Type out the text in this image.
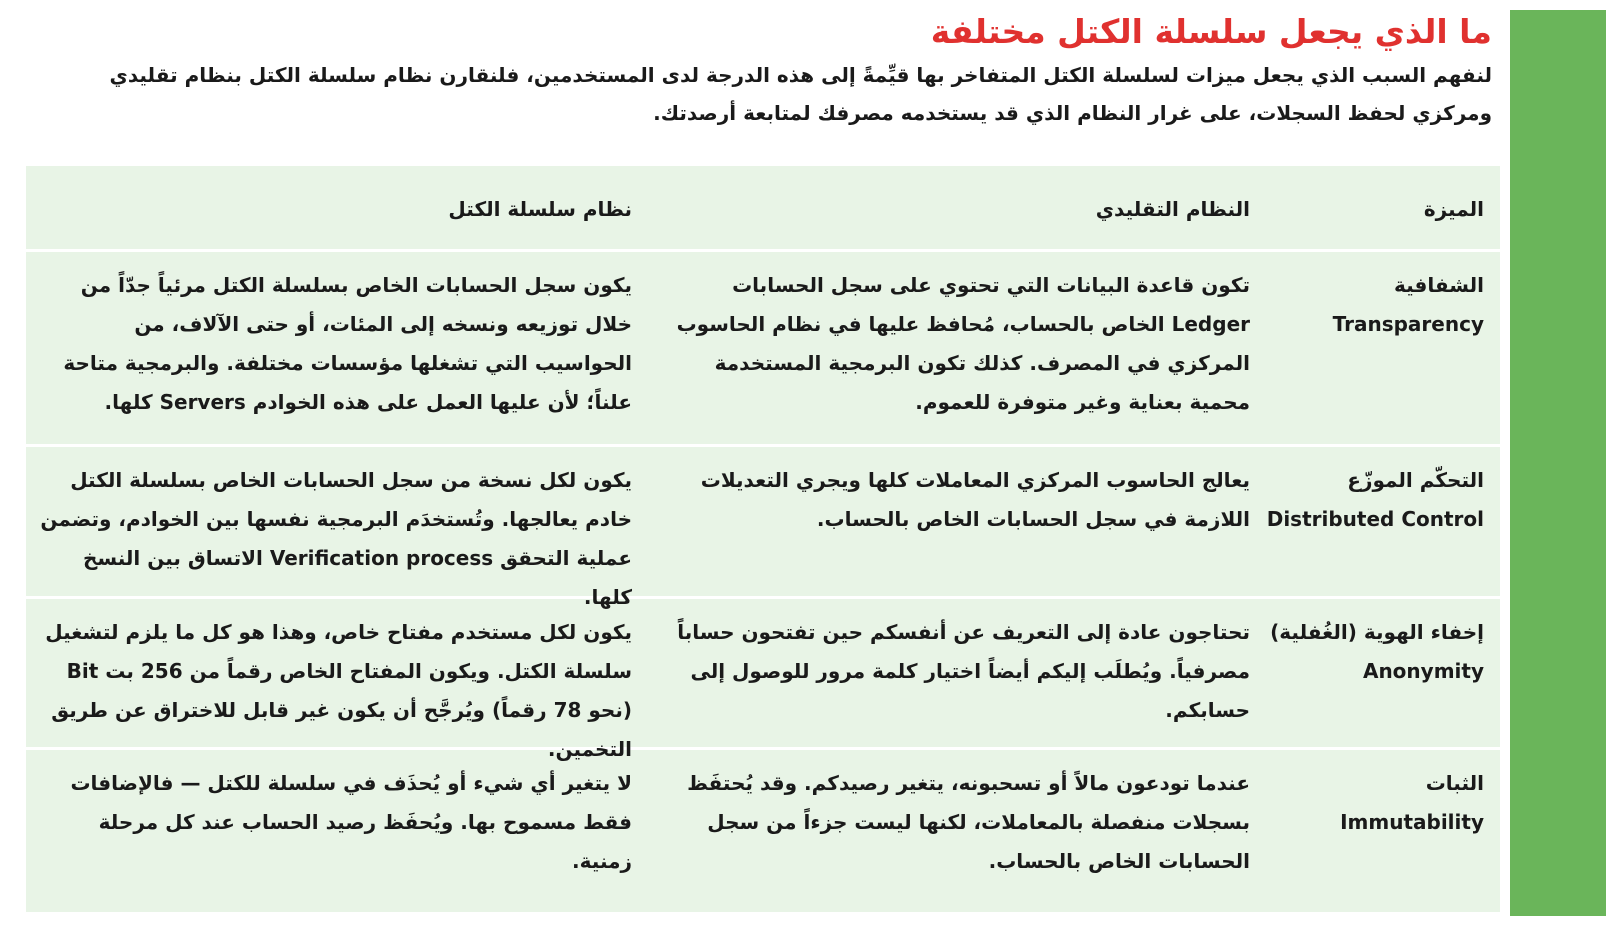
ما الذي يجعل سلسلة الكتل مختلفة

لنفهم السبب الذي يجعل ميزات لسلسلة الكتل المتفاخر بها قيِّمةً إلى هذه الدرجة لدى المستخدمين، فلنقارن نظام سلسلة الكتل بنظام تقليدي ومركزي لحفظ السجلات، على غرار النظام الذي قد يستخدمه مصرفك لمتابعة أرصدتك.

الميزة
النظام التقليدي
نظام سلسلة الكتل
الشفافية
Transparency
تكون قاعدة البيانات التي تحتوي على سجل الحسابات Ledger الخاص بالحساب، مُحافظ عليها في نظام الحاسوب المركزي في المصرف. كذلك تكون البرمجية المستخدمة محمية بعناية وغير متوفرة للعموم.
يكون سجل الحسابات الخاص بسلسلة الكتل مرئياً جدّاً من خلال توزيعه ونسخه إلى المئات، أو حتى الآلاف، من الحواسيب التي تشغلها مؤسسات مختلفة. والبرمجية متاحة علناً؛ لأن عليها العمل على هذه الخوادم Servers كلها.
التحكّم الموزّع
Distributed Control
يعالج الحاسوب المركزي المعاملات كلها ويجري التعديلات اللازمة في سجل الحسابات الخاص بالحساب.
يكون لكل نسخة من سجل الحسابات الخاص بسلسلة الكتل خادم يعالجها. وتُستخدَم البرمجية نفسها بين الخوادم، وتضمن عملية التحقق Verification process الاتساق بين النسخ كلها.
إخفاء الهوية (الغُفلية)
Anonymity
تحتاجون عادة إلى التعريف عن أنفسكم حين تفتحون حساباً مصرفياً. ويُطلَب إليكم أيضاً اختيار كلمة مرور للوصول إلى حسابكم.
يكون لكل مستخدم مفتاح خاص، وهذا هو كل ما يلزم لتشغيل سلسلة الكتل. ويكون المفتاح الخاص رقماً من 256 بت Bit (نحو 78 رقماً) ويُرجَّح أن يكون غير قابل للاختراق عن طريق التخمين.
الثبات
Immutability
عندما تودعون مالاً أو تسحبونه، يتغير رصيدكم. وقد يُحتفَظ بسجلات منفصلة بالمعاملات، لكنها ليست جزءاً من سجل الحسابات الخاص بالحساب.
لا يتغير أي شيء أو يُحذَف في سلسلة للكتل — فالإضافات فقط مسموح بها. ويُحفَظ رصيد الحساب عند كل مرحلة زمنية.
